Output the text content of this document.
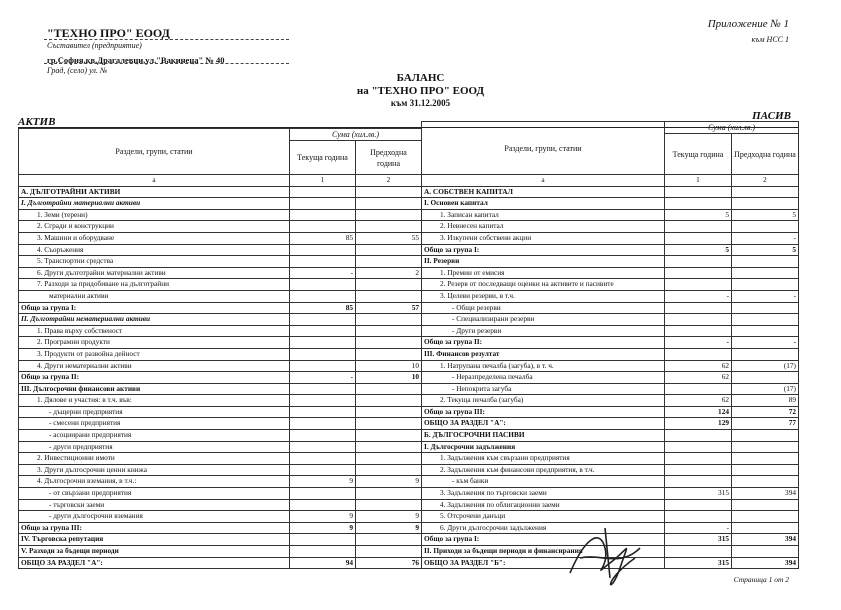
"ТЕХНО ПРО" ЕООД
Съставител (предприятие)
гр.София,кв.Драгалевци,ул."Вакинеца" № 40
Град, (село) ул. №
Приложение № 1
към НСС 1
БАЛАНС
на "ТЕХНО ПРО" ЕООД
към 31.12.2005
АКТИВ	ПАСИВ
Раздели, групи, статии	Сума (хил.лв.)	
	Текуща година	Предходна година
а	1	2
А. ДЪЛГОТРАЙНИ АКТИВИ		
I. Дълготрайни материални активи		
1. Земи (терени)		
2. Сгради и конструкции		
3. Машини и оборудване	85	55
4. Съоръжения		
5. Транспортни средства		
6. Други дълготрайни материални активи	-	2
7. Разходи за придобиване на дълготрайни		
материални активи		
Общо за група I:	85	57
II. Дълготрайни нематериални активи		
1. Права върху собственост		
2. Програмни продукти		
3. Продукти от развойна дейност		
4. Други нематериални активи		10
Общо за група II:	-	10
III. Дългосрочни финансови активи		
1. Дялове и участия: в т.ч. във:		
- дъщерни предприятия		
- смесени предприятия		
- асоциирани предприятия		
- други предприятия		
2. Инвестиционни имоти		
3. Други дългосрочни ценни книжа		
4. Дългосрочни вземания, в т.ч.:	9	9
- от свързани предприятия		
- търговски заеми		
- други дългосрочни вземания	9	9
Общо за група III:	9	9
IV. Търговска репутация		
V. Разходи за бъдещи периоди		
ОБЩО ЗА РАЗДЕЛ "А":	94	76
Раздели, групи, статии	Сума (хил.лв.)	
	Текуща година	Предходна година
а	1	2
А. СОБСТВЕН КАПИТАЛ		
I. Основен капитал		
1. Записан капитал	5	5
2. Невнесен капитал		
3. Изкупени собствени акции		-
Общо за група I:	5	5
II. Резерви		
1. Премии от емисия		
2. Резерв от последващи оценки на активите и пасивите		
3. Целеви резерви, в т.ч.	-	-
- Общи резерви		
- Специализирани резерви		
- Други резерви		
Общо за група II:	-	-
III. Финансов резултат		
1. Натрупана печалба (загуба), в т. ч.	62	(17)
- Неразпределена печалба	62	
- Непокрита загуба		(17)
2. Текуща печалба (загуба)	62	89
Общо за група III:	124	72
ОБЩО ЗА РАЗДЕЛ "А":	129	77
Б. ДЪЛГОСРОЧНИ ПАСИВИ		
I. Дългосрочни задължения		
1. Задължения към свързани предприятия		
2. Задължения към финансови предприятия, в т.ч.		
- към банки		
3. Задължения по търговски заеми	315	394
4. Задължения по облигационни заеми		
5. Отсрочени данъци		
6. Други дългосрочни задължения	-	
Общо за група I:	315	394
II. Приходи за бъдещи периоди и финансирания		
ОБЩО ЗА РАЗДЕЛ "Б":	315	394
Страница 1 от 2
